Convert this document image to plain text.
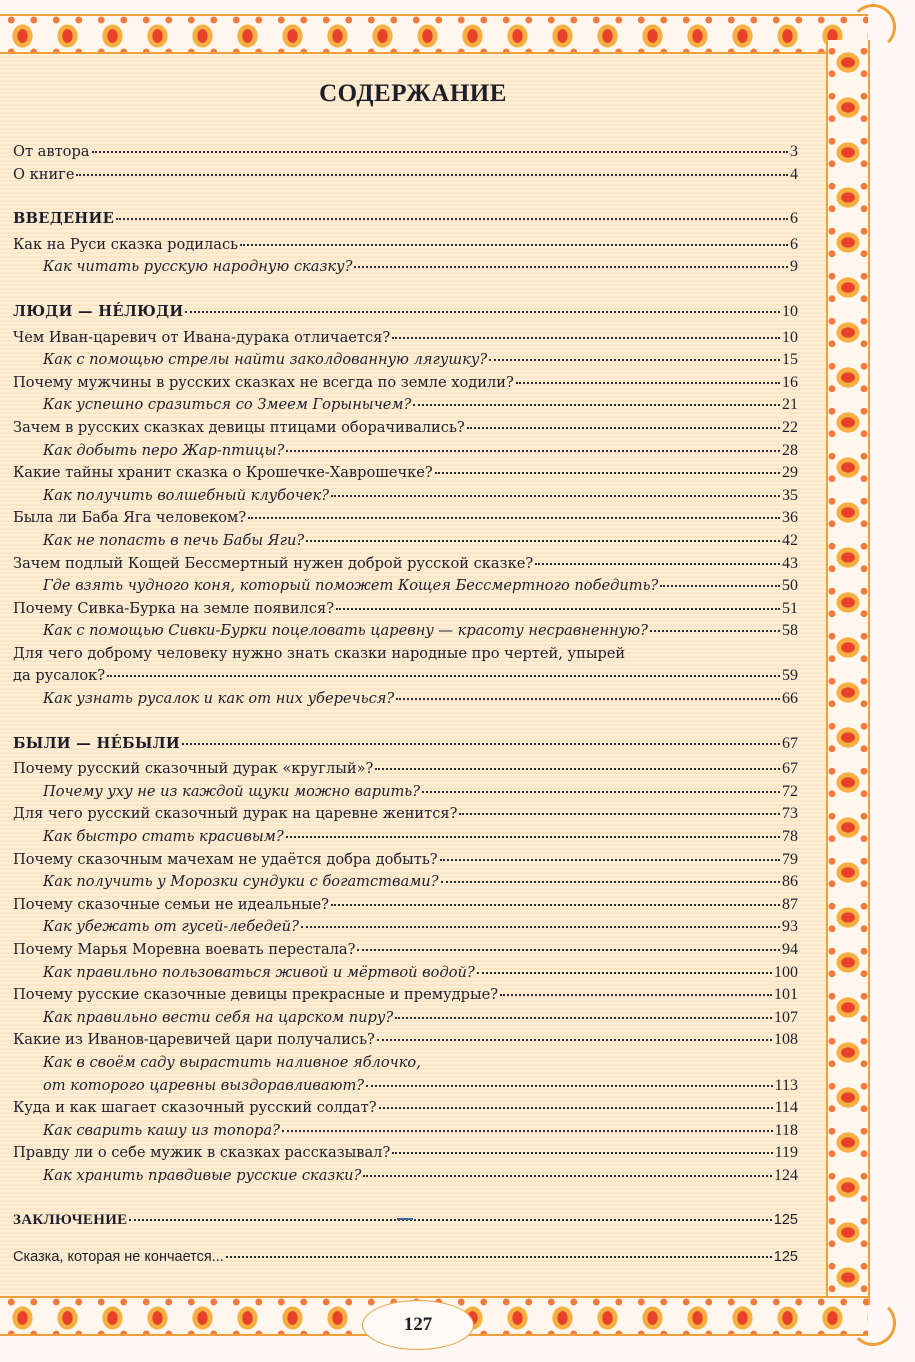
127
СОДЕРЖАНИЕ
От автора	3
О книге	4
ВВЕДЕНИЕ	6
Как на Руси сказка родилась	6
Как читать русскую народную сказку?	9
ЛЮДИ — НÉЛЮДИ	10
Чем Иван-царевич от Ивана-дурака отличается?	10
Как с помощью стрелы найти заколдованную лягушку?	15
Почему мужчины в русских сказках не всегда по земле ходили?	16
Как успешно сразиться со Змеем Горынычем?	21
Зачем в русских сказках девицы птицами оборачивались?	22
Как добыть перо Жар-птицы?	28
Какие тайны хранит сказка о Крошечке-Хаврошечке?	29
Как получить волшебный клубочек?	35
Была ли Баба Яга человеком?	36
Как не попасть в печь Бабы Яги?	42
Зачем подлый Кощей Бессмертный нужен доброй русской сказке?	43
Где взять чудного коня, который поможет Кощея Бессмертного победить?	50
Почему Сивка-Бурка на земле появился?	51
Как с помощью Сивки-Бурки поцеловать царевну — красоту несравненную?	58
Для чего доброму человеку нужно знать сказки народные про чертей, упырей
да русалок?	59
Как узнать русалок и как от них уберечься?	66
БЫЛИ — НÉБЫЛИ	67
Почему русский сказочный дурак «круглый»?	67
Почему уху не из каждой щуки можно варить?	72
Для чего русский сказочный дурак на царевне женится?	73
Как быстро стать красивым?	78
Почему сказочным мачехам не удаётся добра добыть?	79
Как получить у Морозки сундуки с богатствами?	86
Почему сказочные семьи не идеальные?	87
Как убежать от гусей-лебедей?	93
Почему Марья Моревна воевать перестала?	94
Как правильно пользоваться живой и мёртвой водой?	100
Почему русские сказочные девицы прекрасные и премудрые?	101
Как правильно вести себя на царском пиру?	107
Какие из Иванов-царевичей цари получались?	108
Как в своём саду вырастить наливное яблочко,
от которого царевны выздоравливают?	113
Куда и как шагает сказочный русский солдат?	114
Как сварить кашу из топора?	118
Правду ли о себе мужик в сказках рассказывал?	119
Как хранить правдивые русские сказки?	124
ЗАКЛЮЧЕНИЕ	125
Сказка, которая не кончается...	125
